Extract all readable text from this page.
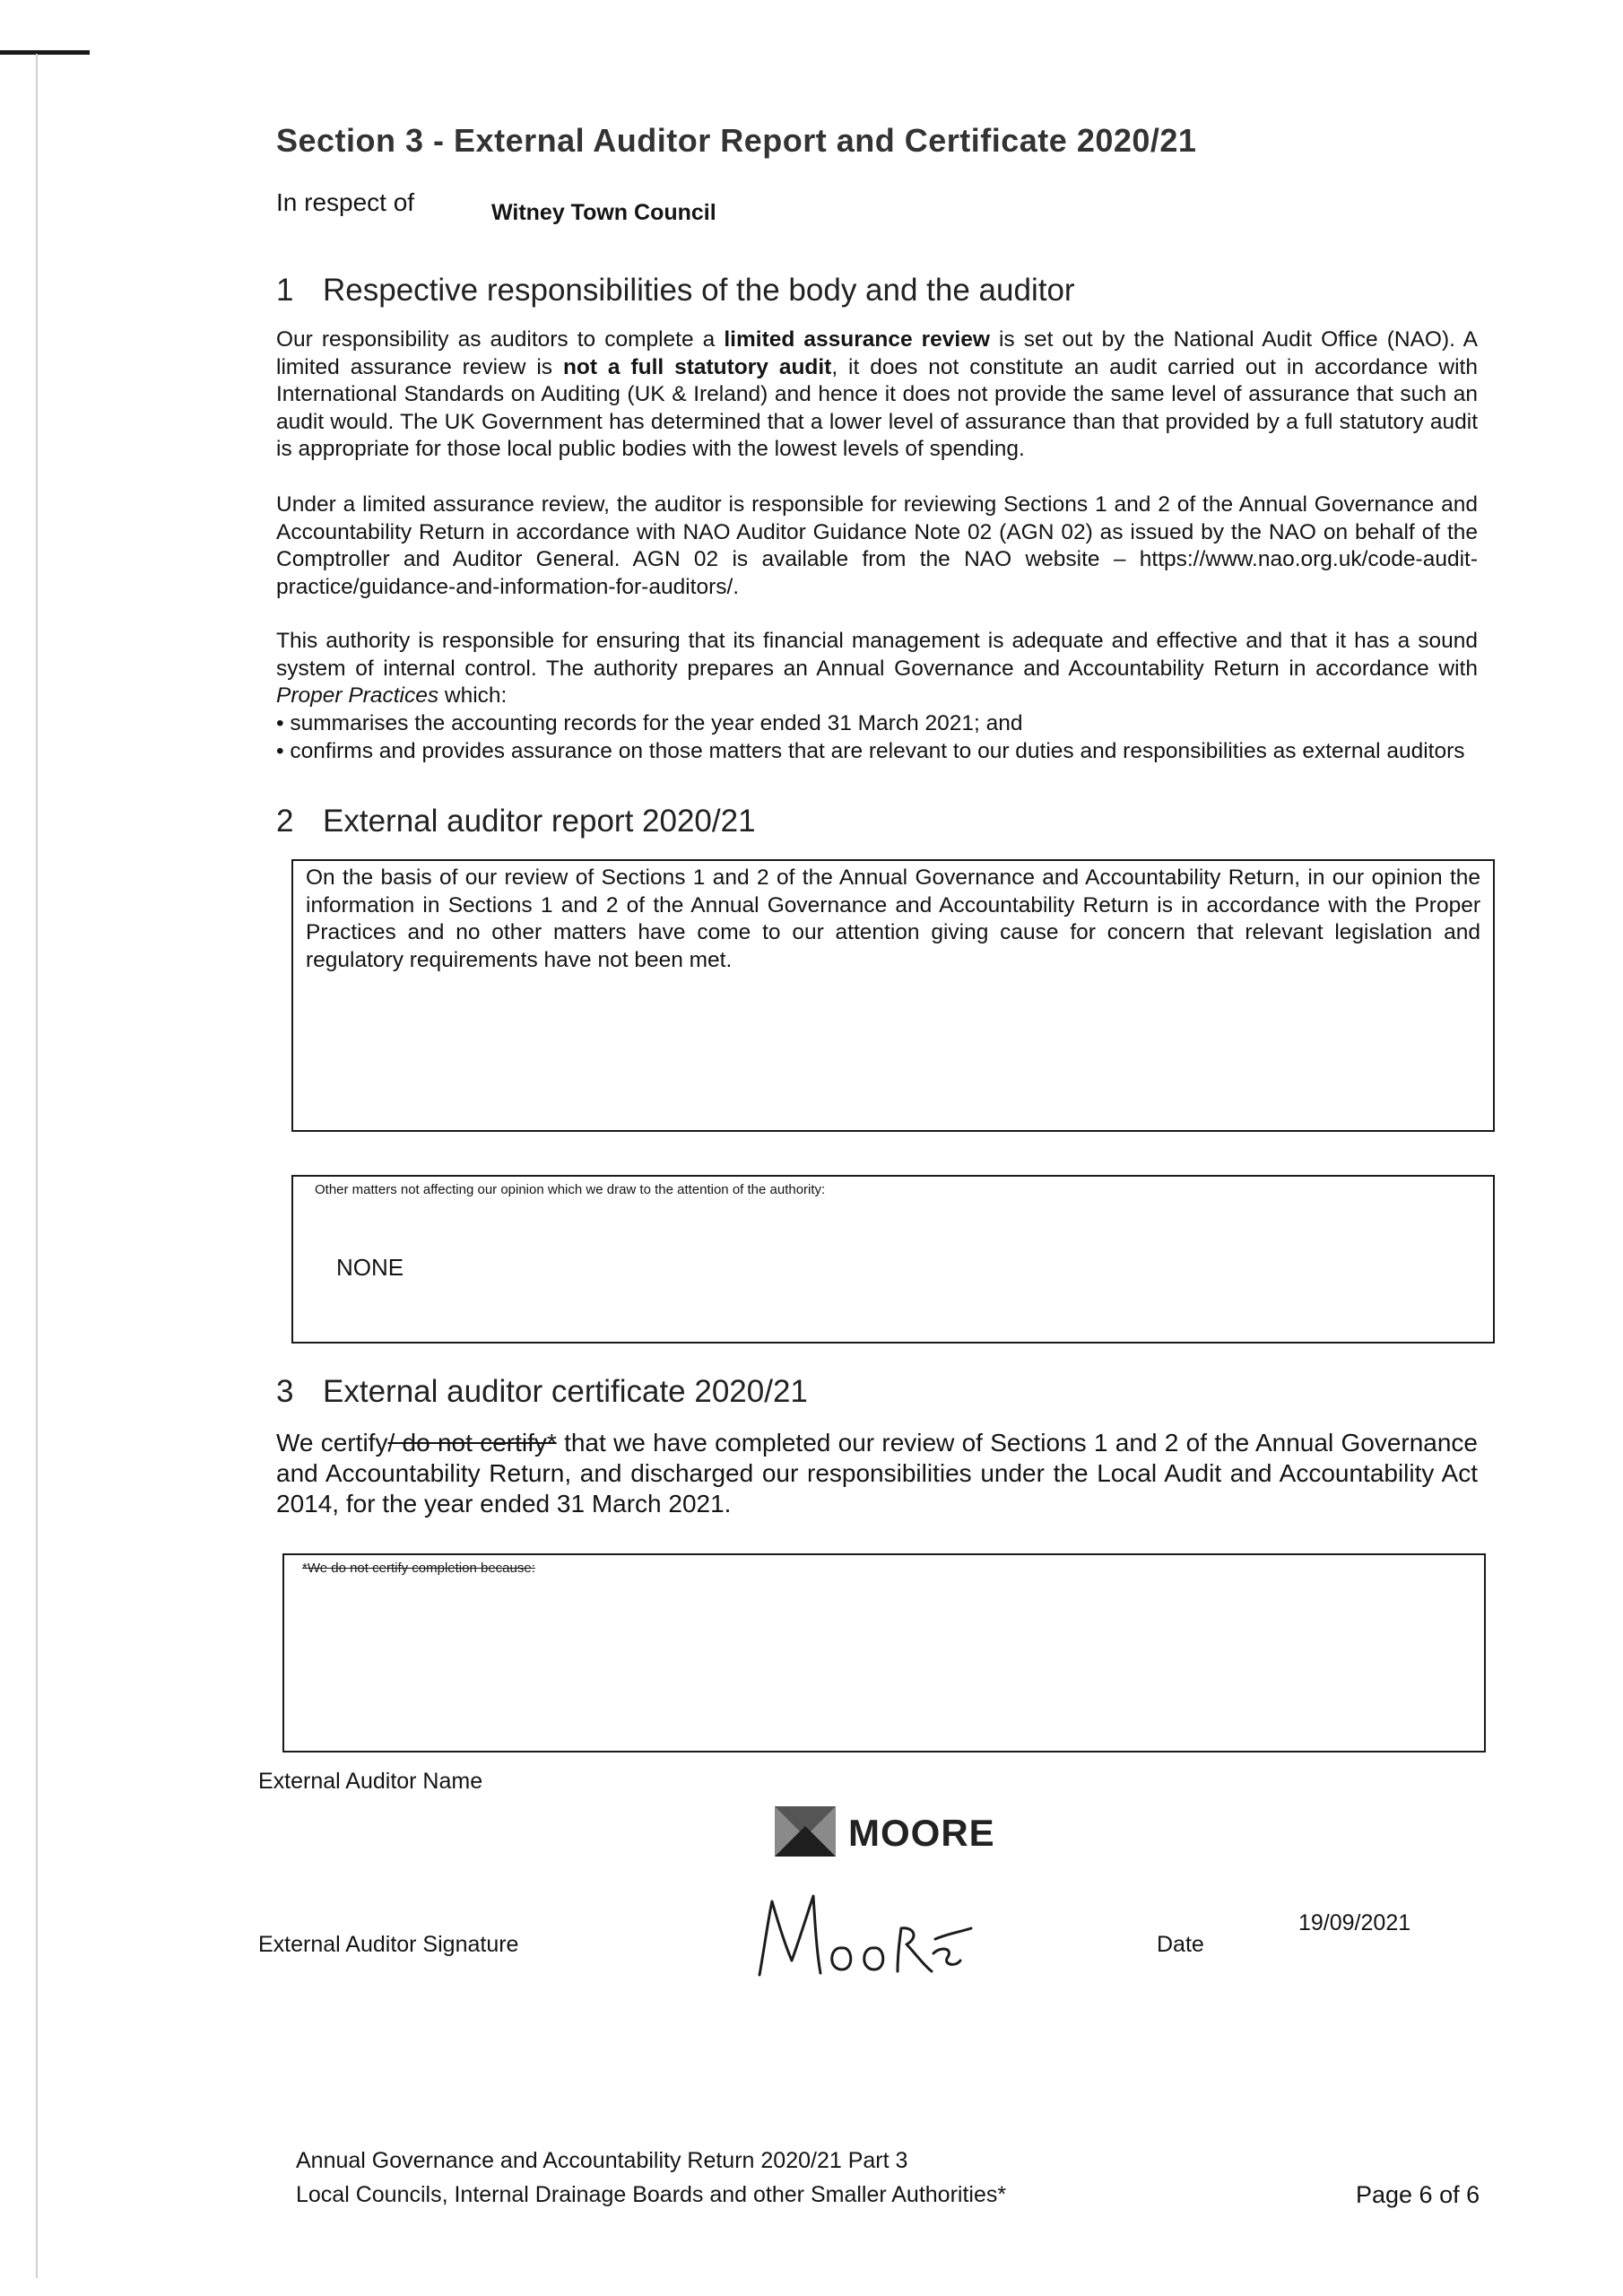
Section 3 - External Auditor Report and Certificate 2020/21
In respect of	Witney Town Council
1 Respective responsibilities of the body and the auditor
Our responsibility as auditors to complete a limited assurance review is set out by the National Audit Office (NAO). A limited assurance review is not a full statutory audit, it does not constitute an audit carried out in accordance with International Standards on Auditing (UK & Ireland) and hence it does not provide the same level of assurance that such an audit would. The UK Government has determined that a lower level of assurance than that provided by a full statutory audit is appropriate for those local public bodies with the lowest levels of spending.
Under a limited assurance review, the auditor is responsible for reviewing Sections 1 and 2 of the Annual Governance and Accountability Return in accordance with NAO Auditor Guidance Note 02 (AGN 02) as issued by the NAO on behalf of the Comptroller and Auditor General. AGN 02 is available from the NAO website – https://www.nao.org.uk/code-audit-practice/guidance-and-information-for-auditors/.
This authority is responsible for ensuring that its financial management is adequate and effective and that it has a sound system of internal control. The authority prepares an Annual Governance and Accountability Return in accordance with Proper Practices which:
• summarises the accounting records for the year ended 31 March 2021; and
• confirms and provides assurance on those matters that are relevant to our duties and responsibilities as external auditors
2 External auditor report 2020/21
On the basis of our review of Sections 1 and 2 of the Annual Governance and Accountability Return, in our opinion the information in Sections 1 and 2 of the Annual Governance and Accountability Return is in accordance with the Proper Practices and no other matters have come to our attention giving cause for concern that relevant legislation and regulatory requirements have not been met.
Other matters not affecting our opinion which we draw to the attention of the authority:
NONE
3 External auditor certificate 2020/21
We certify/ do not certify* that we have completed our review of Sections 1 and 2 of the Annual Governance and Accountability Return, and discharged our responsibilities under the Local Audit and Accountability Act 2014, for the year ended 31 March 2021.
*We do not certify completion because:
External Auditor Name
MOORE
External Auditor Signature	Date
19/09/2021
Annual Governance and Accountability Return 2020/21 Part 3
Local Councils, Internal Drainage Boards and other Smaller Authorities*	Page 6 of 6
